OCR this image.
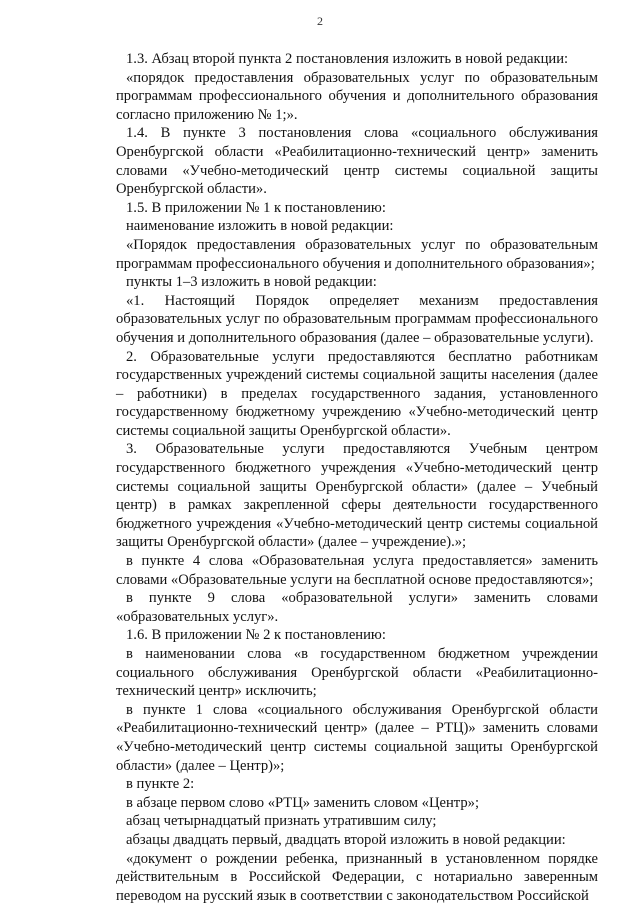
2

1.3. Абзац второй пункта 2 постановления изложить в новой редакции:

«порядок предоставления образовательных услуг по образовательным программам профессионального обучения и дополнительного образования согласно приложению № 1;».

1.4. В пункте 3 постановления слова «социального обслуживания Оренбургской области «Реабилитационно-технический центр» заменить словами «Учебно-методический центр системы социальной защиты Оренбургской области».

1.5. В приложении № 1 к постановлению:

наименование изложить в новой редакции:

«Порядок предоставления образовательных услуг по образовательным программам профессионального обучения и дополнительного образования»;

пункты 1–3 изложить в новой редакции:

«1. Настоящий Порядок определяет механизм предоставления образовательных услуг по образовательным программам профессионального обучения и дополнительного образования (далее – образовательные услуги).

2. Образовательные услуги предоставляются бесплатно работникам государственных учреждений системы социальной защиты населения (далее – работники) в пределах государственного задания, установленного государственному бюджетному учреждению «Учебно-методический центр системы социальной защиты Оренбургской области».

3. Образовательные услуги предоставляются Учебным центром государственного бюджетного учреждения «Учебно-методический центр системы социальной защиты Оренбургской области» (далее – Учебный центр) в рамках закрепленной сферы деятельности государственного бюджетного учреждения «Учебно-методический центр системы социальной защиты Оренбургской области» (далее – учреждение).»;

в пункте 4 слова «Образовательная услуга предоставляется» заменить словами «Образовательные услуги на бесплатной основе предоставляются»;

в пункте 9 слова «образовательной услуги» заменить словами «образовательных услуг».

1.6. В приложении № 2 к постановлению:

в наименовании слова «в государственном бюджетном учреждении социального обслуживания Оренбургской области «Реабилитационно-технический центр» исключить;

в пункте 1 слова «социального обслуживания Оренбургской области «Реабилитационно-технический центр» (далее – РТЦ)» заменить словами «Учебно-методический центр системы социальной защиты Оренбургской области» (далее – Центр)»;

в пункте 2:

в абзаце первом слово «РТЦ» заменить словом «Центр»;

абзац четырнадцатый признать утратившим силу;

абзацы двадцать первый, двадцать второй изложить в новой редакции:

«документ о рождении ребенка, признанный в установленном порядке действительным в Российской Федерации, с нотариально заверенным переводом на русский язык в соответствии с законодательством Российской
